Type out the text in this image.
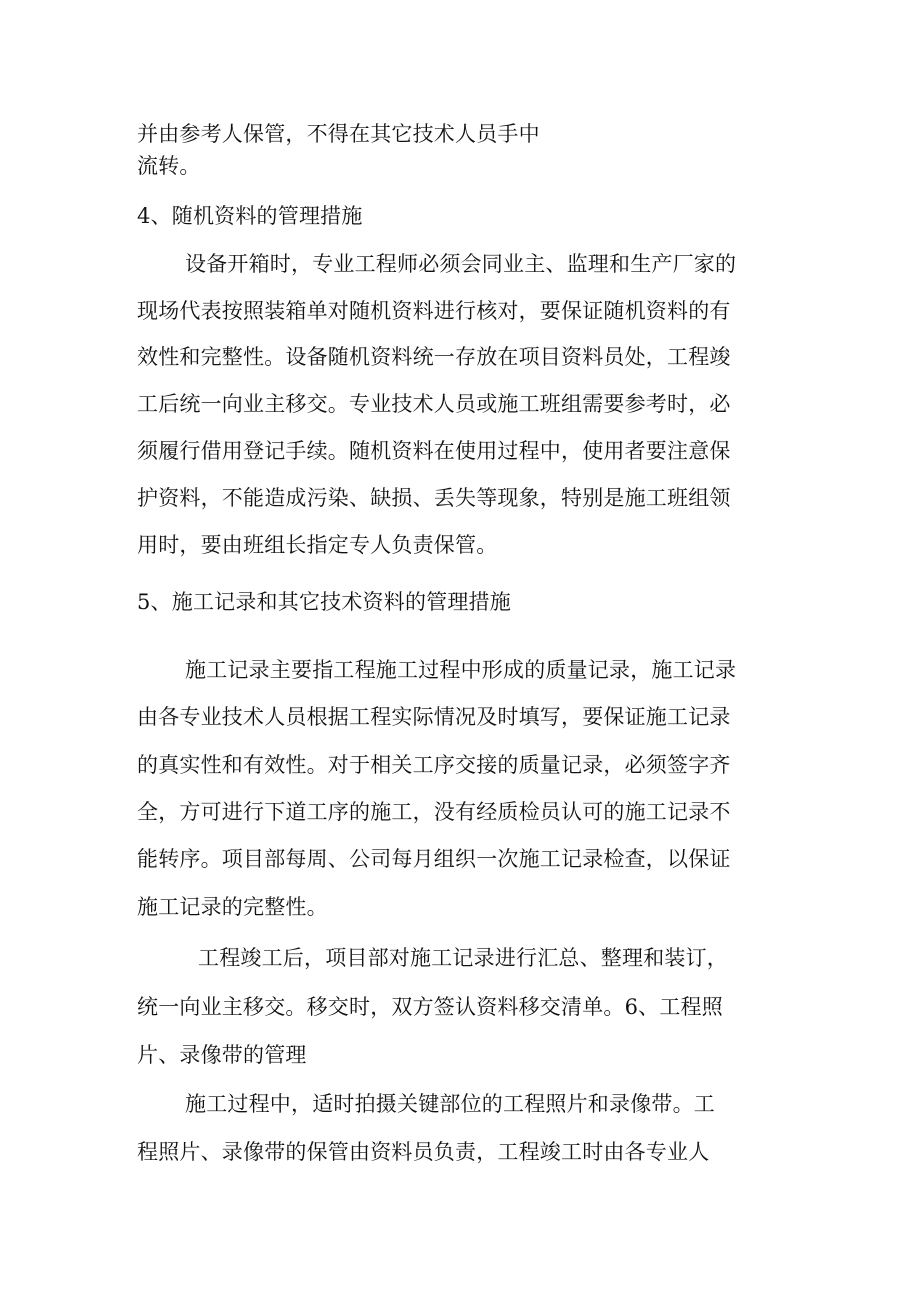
并由参考人保管，不得在其它技术人员手中
流转。
4、随机资料的管理措施
设备开箱时，专业工程师必须会同业主、监理和生产厂家的
现场代表按照装箱单对随机资料进行核对，要保证随机资料的有
效性和完整性。设备随机资料统一存放在项目资料员处，工程竣
工后统一向业主移交。专业技术人员或施工班组需要参考时，必
须履行借用登记手续。随机资料在使用过程中，使用者要注意保
护资料，不能造成污染、缺损、丢失等现象，特别是施工班组领
用时，要由班组长指定专人负责保管。
5、施工记录和其它技术资料的管理措施
施工记录主要指工程施工过程中形成的质量记录，施工记录
由各专业技术人员根据工程实际情况及时填写，要保证施工记录
的真实性和有效性。对于相关工序交接的质量记录，必须签字齐
全，方可进行下道工序的施工，没有经质检员认可的施工记录不
能转序。项目部每周、公司每月组织一次施工记录检查，以保证
施工记录的完整性。
工程竣工后，项目部对施工记录进行汇总、整理和装订，
统一向业主移交。移交时，双方签认资料移交清单。6、工程照
片、录像带的管理
施工过程中，适时拍摄关键部位的工程照片和录像带。工
程照片、录像带的保管由资料员负责，工程竣工时由各专业人
